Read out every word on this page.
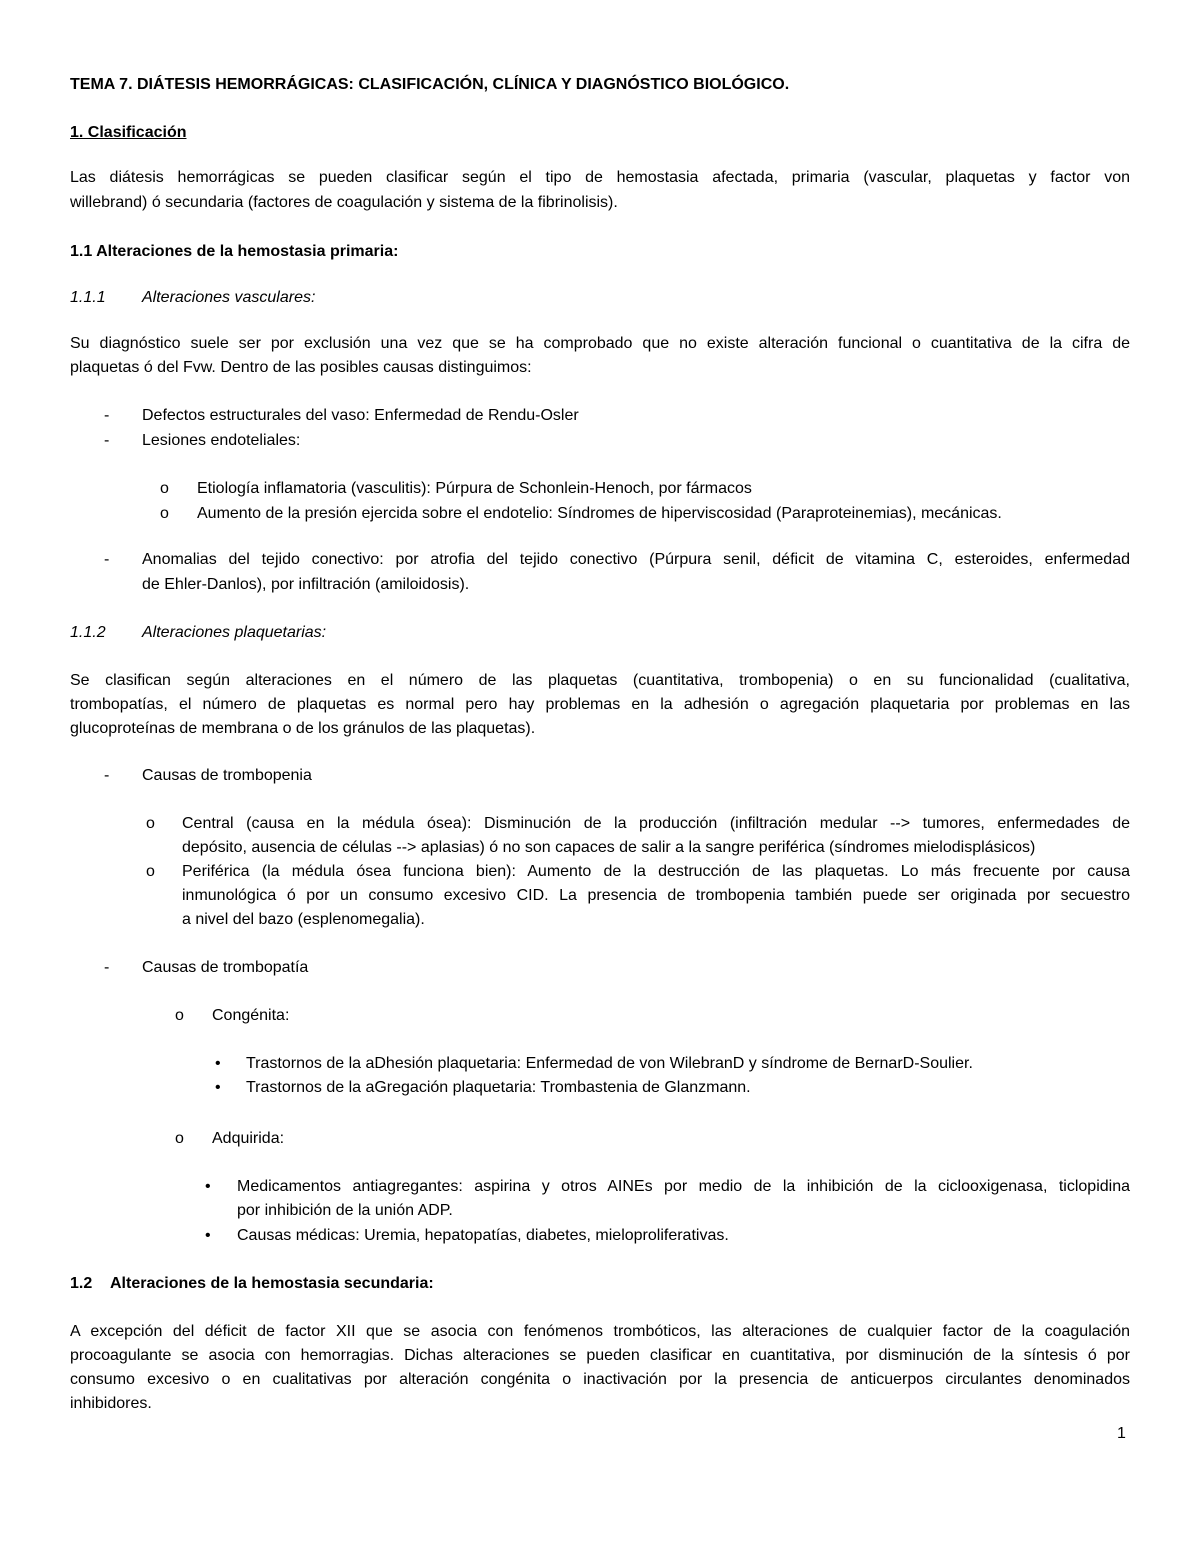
TEMA 7. DIÁTESIS HEMORRÁGICAS: CLASIFICACIÓN, CLÍNICA Y DIAGNÓSTICO BIOLÓGICO.
1. Clasificación
Las diátesis hemorrágicas se pueden clasificar según el tipo de hemostasia afectada, primaria (vascular, plaquetas y factor von
willebrand) ó secundaria (factores de coagulación y sistema de la fibrinolisis).
1.1 Alteraciones de la hemostasia primaria:
1.1.1 Alteraciones vasculares:
Su diagnóstico suele ser por exclusión una vez que se ha comprobado que no existe alteración funcional o cuantitativa de la cifra de
plaquetas ó del Fvw. Dentro de las posibles causas distinguimos:
- Defectos estructurales del vaso: Enfermedad de Rendu-Osler
- Lesiones endoteliales:
o Etiología inflamatoria (vasculitis): Púrpura de Schonlein-Henoch, por fármacos
o Aumento de la presión ejercida sobre el endotelio: Síndromes de hiperviscosidad (Paraproteinemias), mecánicas.
- Anomalias del tejido conectivo: por atrofia del tejido conectivo (Púrpura senil, déficit de vitamina C, esteroides, enfermedad
de Ehler-Danlos), por infiltración (amiloidosis).
1.1.2 Alteraciones plaquetarias:
Se clasifican según alteraciones en el número de las plaquetas (cuantitativa, trombopenia) o en su funcionalidad (cualitativa,
trombopatías, el número de plaquetas es normal pero hay problemas en la adhesión o agregación plaquetaria por problemas en las
glucoproteínas de membrana o de los gránulos de las plaquetas).
- Causas de trombopenia
o Central (causa en la médula ósea): Disminución de la producción (infiltración medular --> tumores, enfermedades de
depósito, ausencia de células --> aplasias) ó no son capaces de salir a la sangre periférica (síndromes mielodisplásicos)
o Periférica (la médula ósea funciona bien): Aumento de la destrucción de las plaquetas. Lo más frecuente por causa
inmunológica ó por un consumo excesivo CID. La presencia de trombopenia también puede ser originada por secuestro
a nivel del bazo (esplenomegalia).
- Causas de trombopatía
o Congénita:
• Trastornos de la aDhesión plaquetaria: Enfermedad de von WilebranD y síndrome de BernarD-Soulier.
• Trastornos de la aGregación plaquetaria: Trombastenia de Glanzmann.
o Adquirida:
• Medicamentos antiagregantes: aspirina y otros AINEs por medio de la inhibición de la ciclooxigenasa, ticlopidina
por inhibición de la unión ADP.
• Causas médicas: Uremia, hepatopatías, diabetes, mieloproliferativas.
1.2 Alteraciones de la hemostasia secundaria:
A excepción del déficit de factor XII que se asocia con fenómenos trombóticos, las alteraciones de cualquier factor de la coagulación
procoagulante se asocia con hemorragias. Dichas alteraciones se pueden clasificar en cuantitativa, por disminución de la síntesis ó por
consumo excesivo o en cualitativas por alteración congénita o inactivación por la presencia de anticuerpos circulantes denominados
inhibidores.
1
